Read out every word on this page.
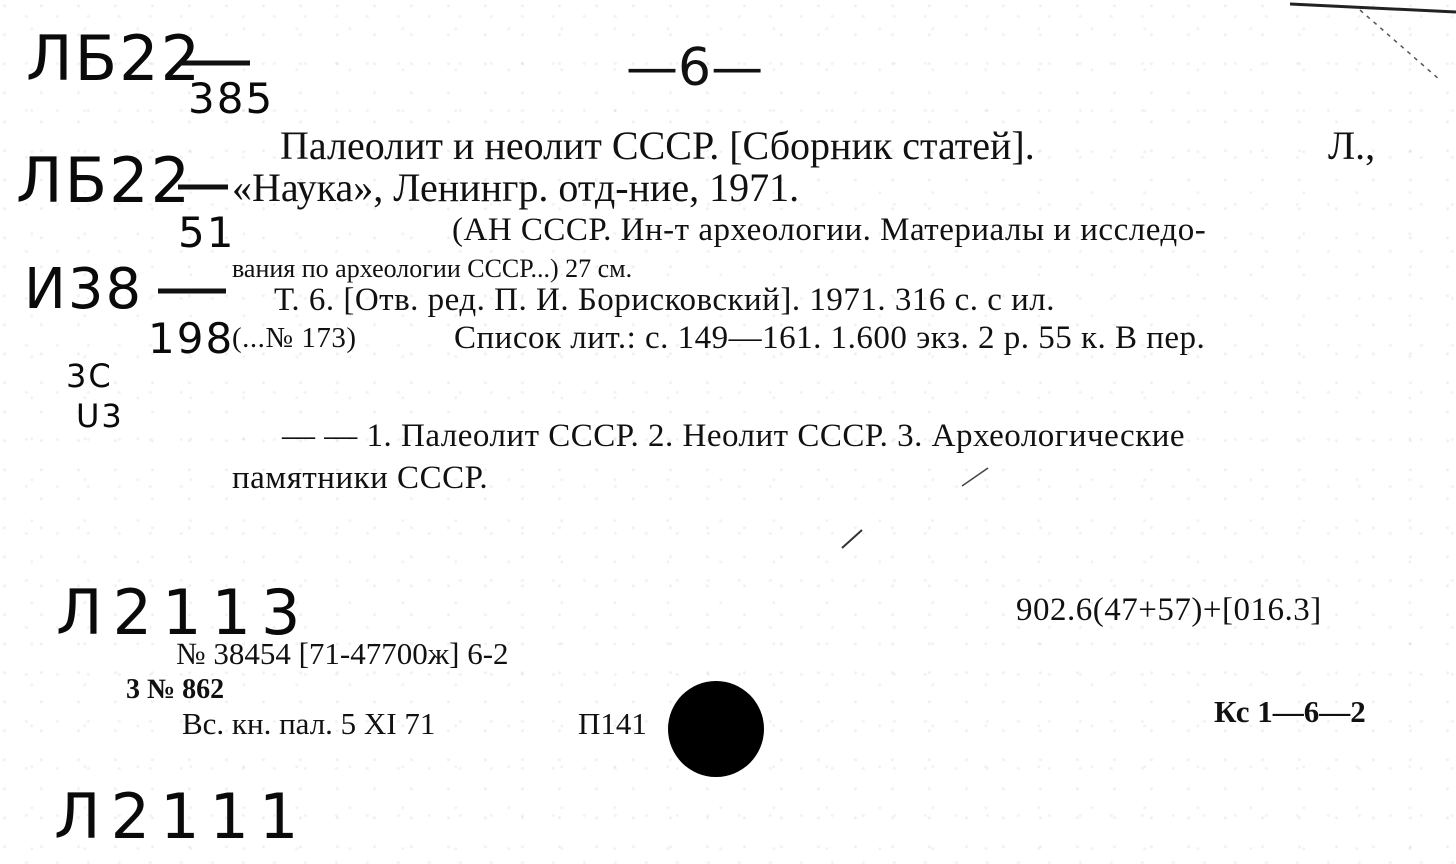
—6—
ЛБ22
385
ЛБ22
51
И38
198
3С
U3
Палеолит и неолит СССР. [Сборник статей].	Л.,
«Наука», Ленингр. отд-ние, 1971.
(АН СССР. Ин-т археологии. Материалы и исследо-
вания по археологии СССР...) 27 см.
Т. 6. [Отв. ред. П. И. Борисковский]. 1971. 316 с. с ил.
(...№ 173)	Список лит.: с. 149—161. 1.600 экз. 2 р. 55 к. В пер.
— — 1. Палеолит СССР. 2. Неолит СССР. 3. Археологические
памятники СССР.
Л2113
Л2111
902.6(47+57)+[016.3]
№ 38454 [71-47700ж] 6-2
3 № 862
Вс. кн. пал. 5 XI 71	П141	Кс 1—6—2
